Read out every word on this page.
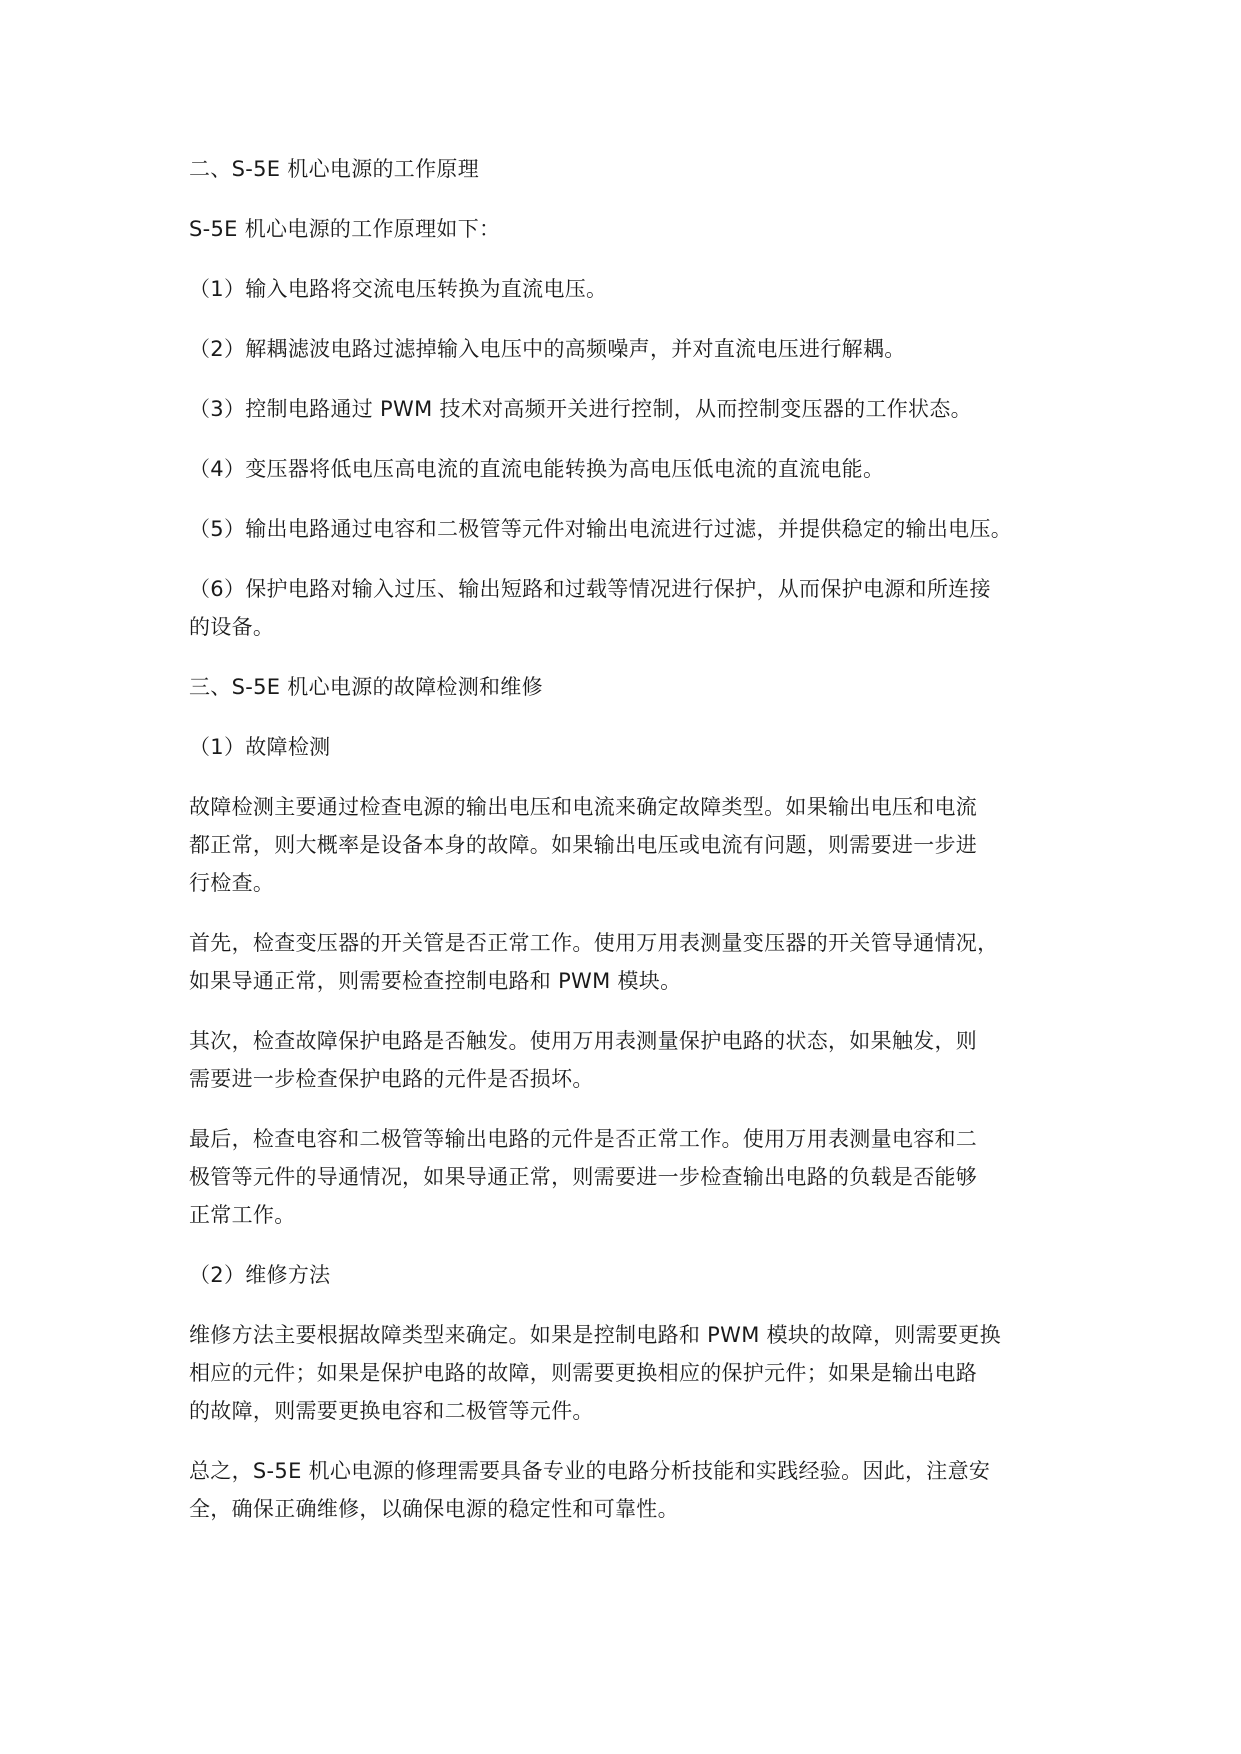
二、S-5E 机心电源的工作原理

S-5E 机心电源的工作原理如下：

（1）输入电路将交流电压转换为直流电压。

（2）解耦滤波电路过滤掉输入电压中的高频噪声，并对直流电压进行解耦。

（3）控制电路通过 PWM 技术对高频开关进行控制，从而控制变压器的工作状态。

（4）变压器将低电压高电流的直流电能转换为高电压低电流的直流电能。

（5）输出电路通过电容和二极管等元件对输出电流进行过滤，并提供稳定的输出电压。

（6）保护电路对输入过压、输出短路和过载等情况进行保护，从而保护电源和所连接
的设备。

三、S-5E 机心电源的故障检测和维修

（1）故障检测

故障检测主要通过检查电源的输出电压和电流来确定故障类型。如果输出电压和电流
都正常，则大概率是设备本身的故障。如果输出电压或电流有问题，则需要进一步进
行检查。

首先，检查变压器的开关管是否正常工作。使用万用表测量变压器的开关管导通情况，
如果导通正常，则需要检查控制电路和 PWM 模块。

其次，检查故障保护电路是否触发。使用万用表测量保护电路的状态，如果触发，则
需要进一步检查保护电路的元件是否损坏。

最后，检查电容和二极管等输出电路的元件是否正常工作。使用万用表测量电容和二
极管等元件的导通情况，如果导通正常，则需要进一步检查输出电路的负载是否能够
正常工作。

（2）维修方法

维修方法主要根据故障类型来确定。如果是控制电路和 PWM 模块的故障，则需要更换
相应的元件；如果是保护电路的故障，则需要更换相应的保护元件；如果是输出电路
的故障，则需要更换电容和二极管等元件。

总之，S-5E 机心电源的修理需要具备专业的电路分析技能和实践经验。因此，注意安
全，确保正确维修，以确保电源的稳定性和可靠性。
